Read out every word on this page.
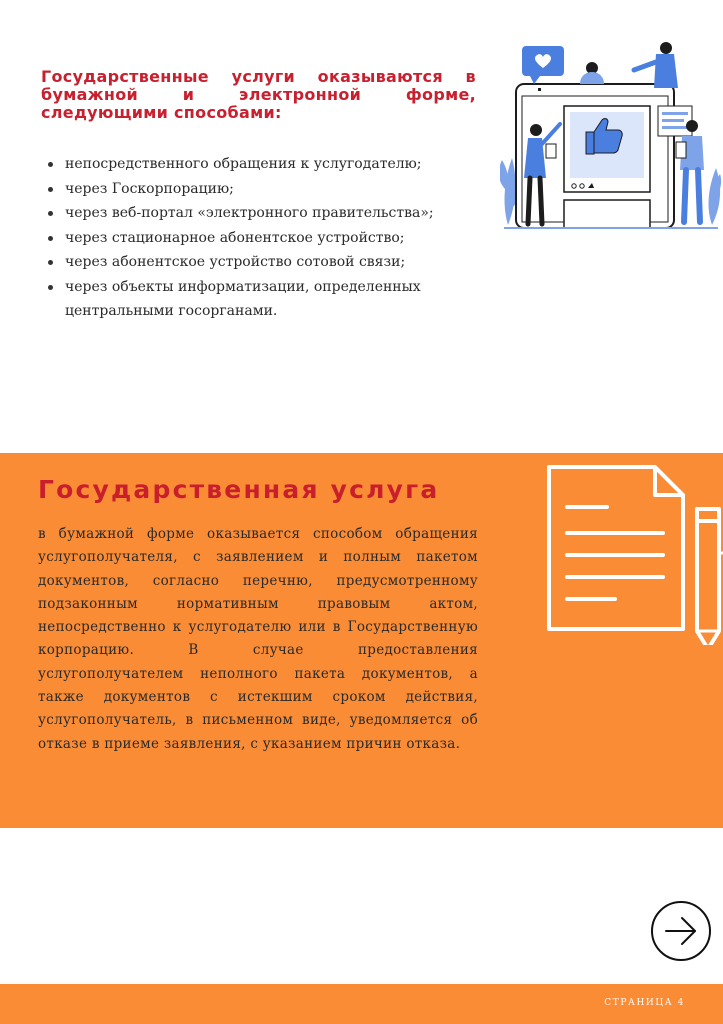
Государственные услуги оказываются в бумажной и электронной форме, следующими способами:
непосредственного обращения к услугодателю;
через Госкорпорацию;
через веб-портал «электронного правительства»;
через стационарное абонентское устройство;
через абонентское устройство сотовой связи;
через объекты информатизации, определенных центральными госорганами.
Государственная услуга

в бумажной форме оказывается способом обращения услугополучателя, с заявлением и полным пакетом документов, согласно перечню, предусмотренному подзаконным нормативным правовым актом, непосредственно к услугодателю или в Государственную корпорацию. В случае предоставления услугополучателем неполного пакета документов, а также документов с истекшим сроком действия, услугополучатель, в письменном виде, уведомляется об отказе в приеме заявления, с указанием причин отказа.

СТРАНИЦА 4
